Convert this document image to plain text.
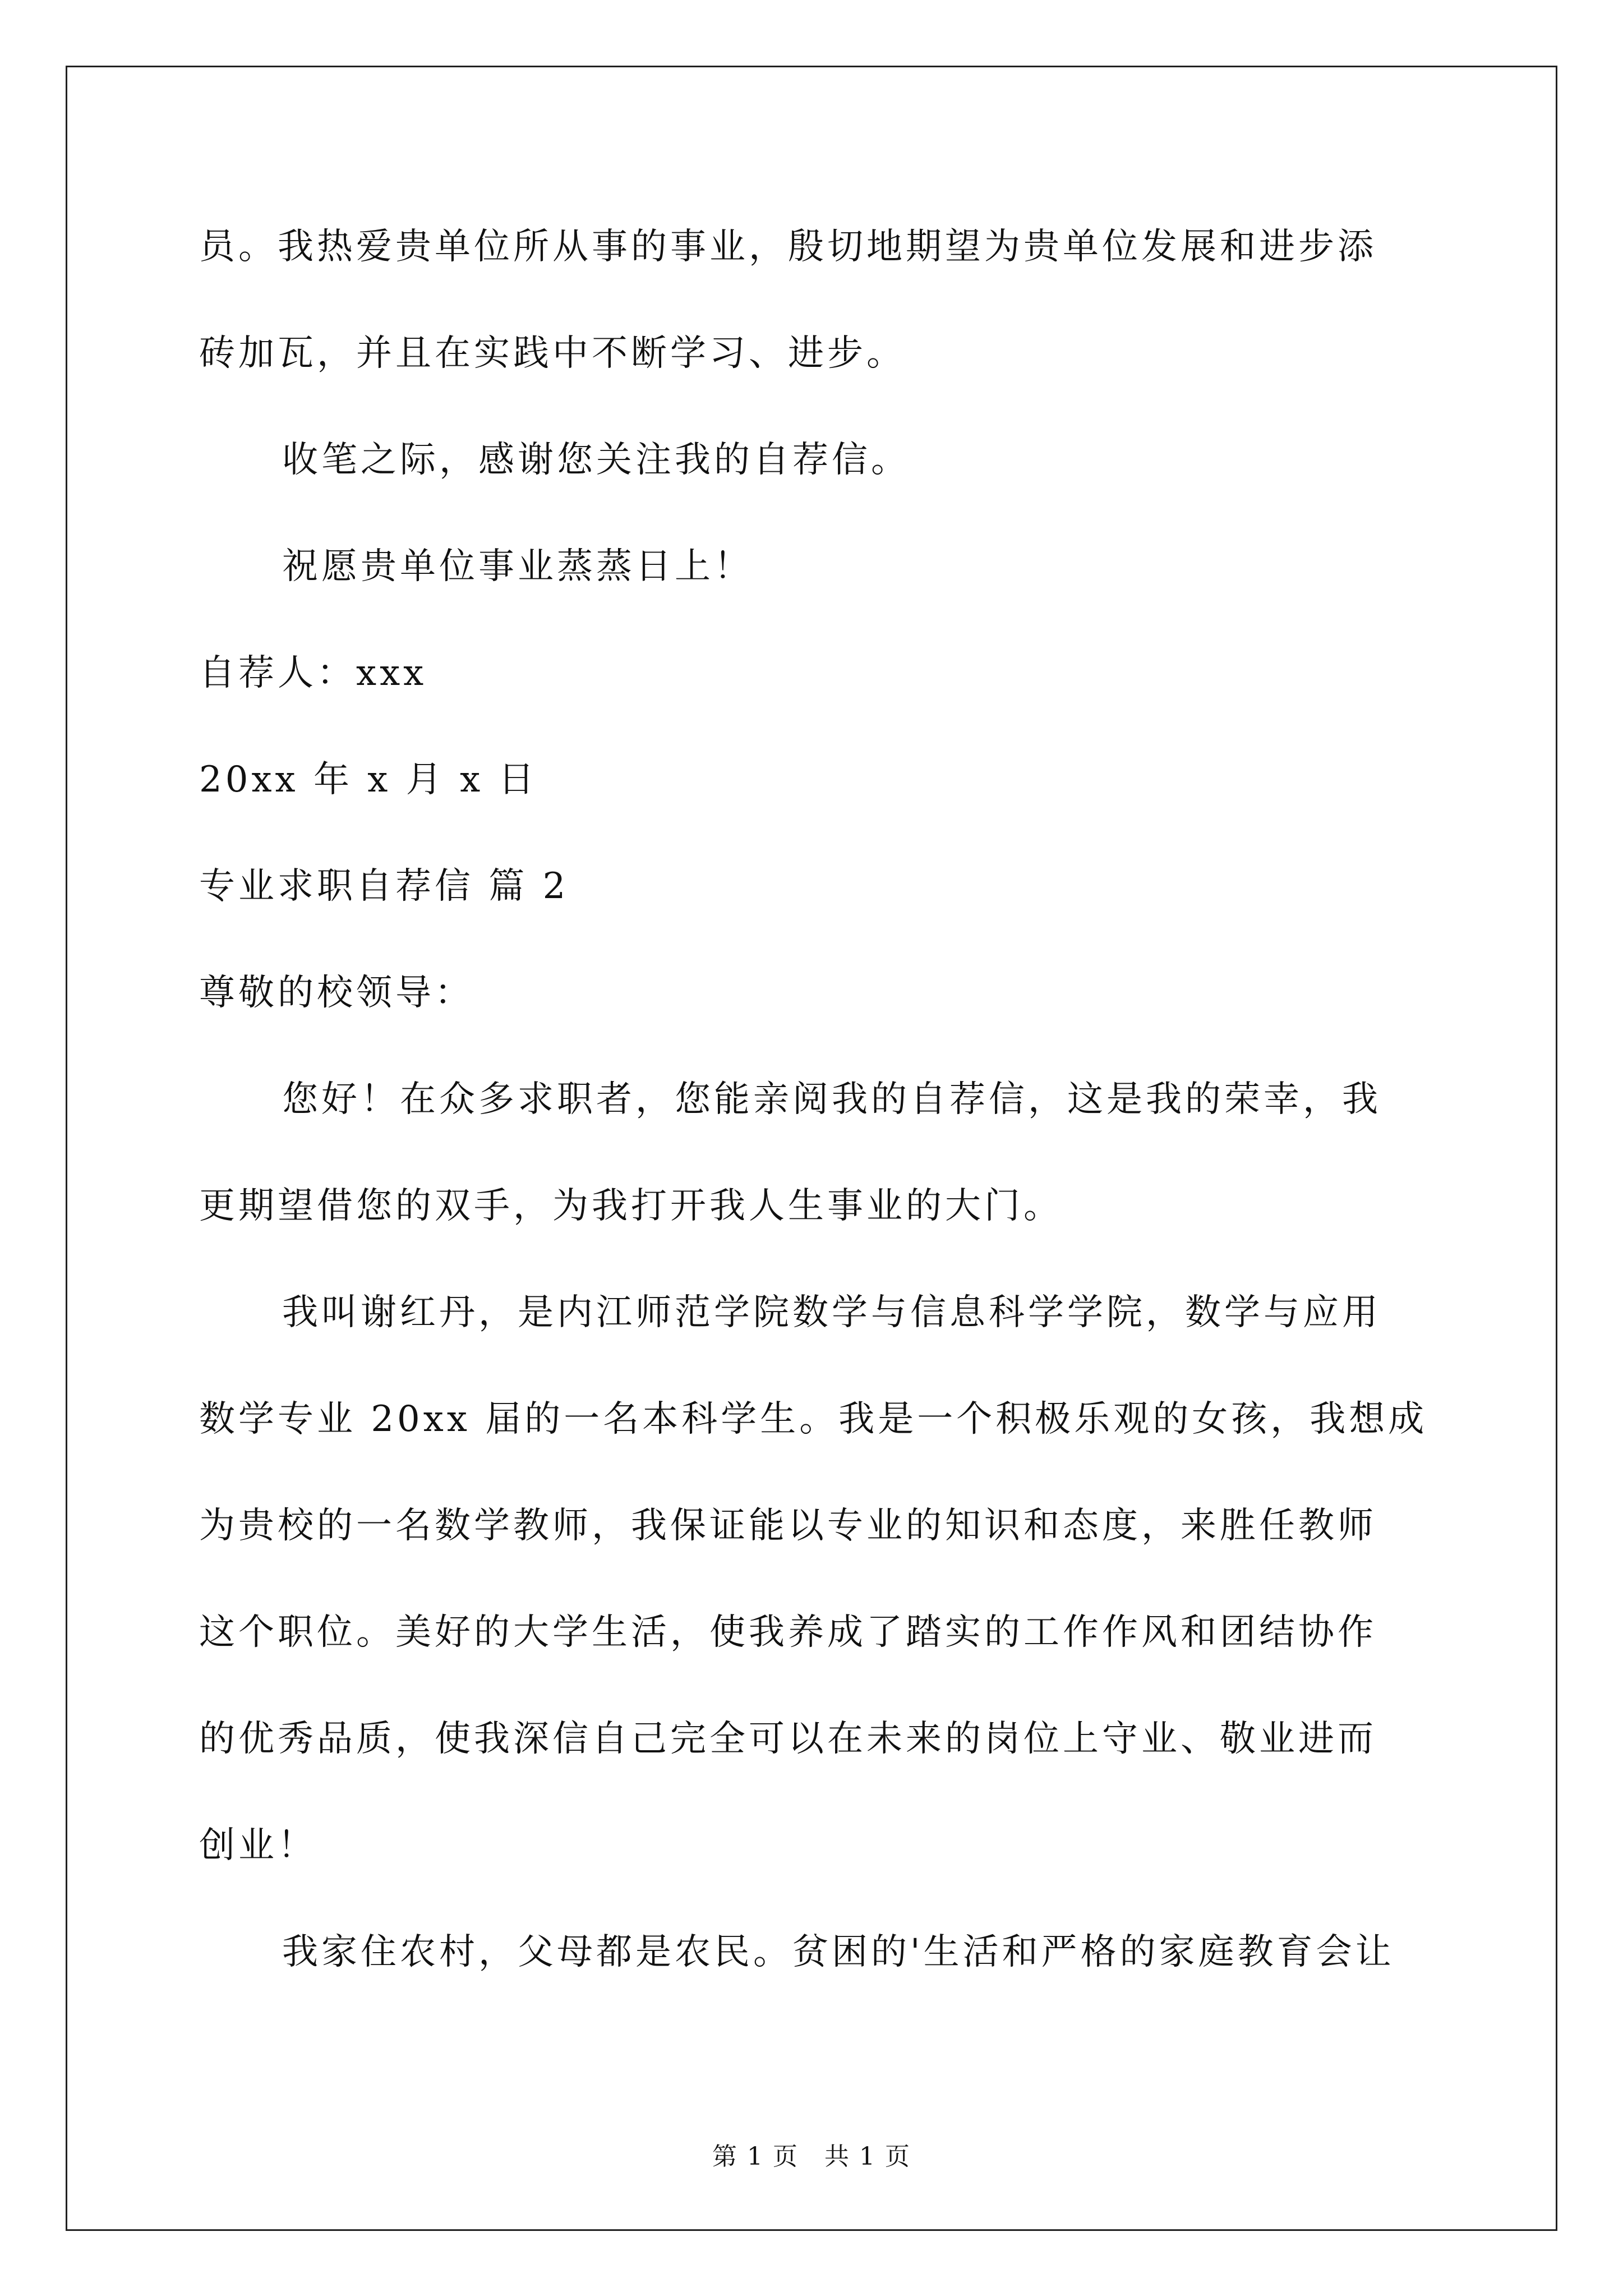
员。我热爱贵单位所从事的事业，殷切地期望为贵单位发展和进步添
砖加瓦，并且在实践中不断学习、进步。
收笔之际，感谢您关注我的自荐信。
祝愿贵单位事业蒸蒸日上！
自荐人：xxx
20xx 年 x 月 x 日
专业求职自荐信 篇 2
尊敬的校领导：
您好！在众多求职者，您能亲阅我的自荐信，这是我的荣幸，我
更期望借您的双手，为我打开我人生事业的大门。
我叫谢红丹，是内江师范学院数学与信息科学学院，数学与应用
数学专业 20xx 届的一名本科学生。我是一个积极乐观的女孩，我想成
为贵校的一名数学教师，我保证能以专业的知识和态度，来胜任教师
这个职位。美好的大学生活，使我养成了踏实的工作作风和团结协作
的优秀品质，使我深信自己完全可以在未来的岗位上守业、敬业进而
创业！
我家住农村，父母都是农民。贫困的'生活和严格的家庭教育会让
第 1 页　共 1 页
